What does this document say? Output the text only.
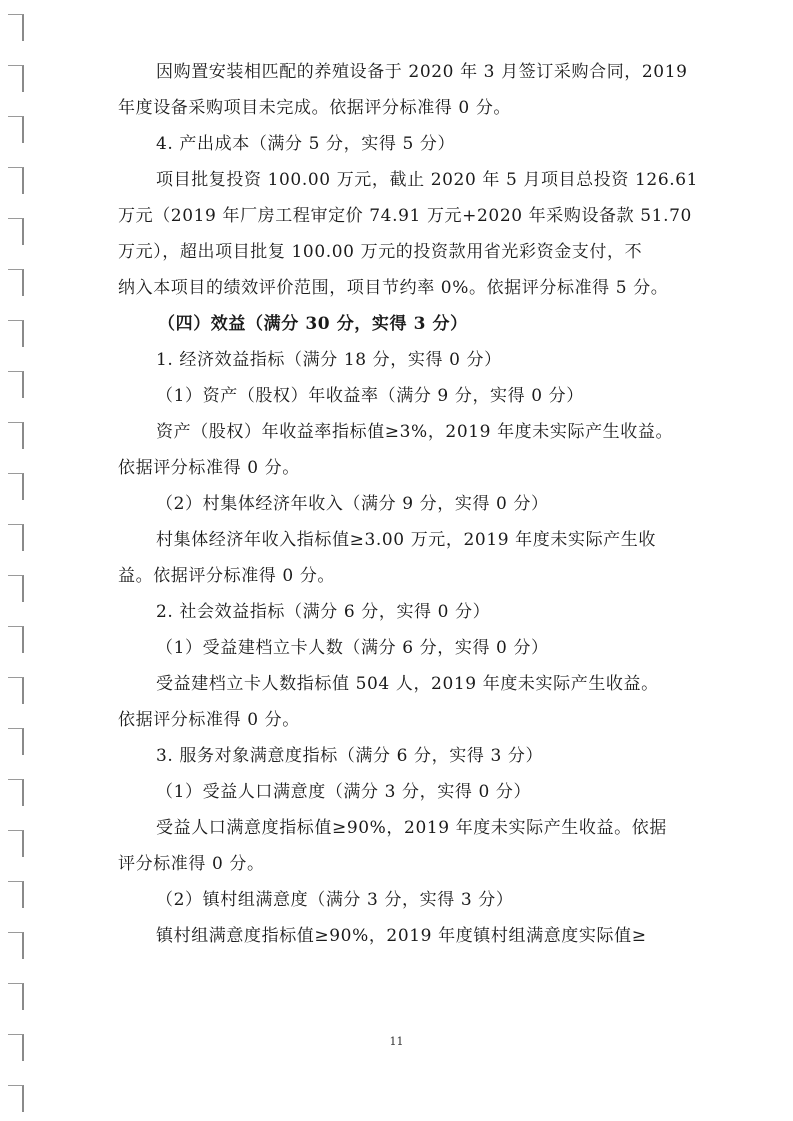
因购置安装相匹配的养殖设备于 2020 年 3 月签订采购合同，2019
年度设备采购项目未完成。依据评分标准得 0 分。
4. 产出成本（满分 5 分，实得 5 分）
项目批复投资 100.00 万元，截止 2020 年 5 月项目总投资 126.61
万元（2019 年厂房工程审定价 74.91 万元+2020 年采购设备款 51.70
万元），超出项目批复 100.00 万元的投资款用省光彩资金支付，不
纳入本项目的绩效评价范围，项目节约率 0%。依据评分标准得 5 分。
（四）效益（满分 30 分，实得 3 分）
1. 经济效益指标（满分 18 分，实得 0 分）
（1）资产（股权）年收益率（满分 9 分，实得 0 分）
资产（股权）年收益率指标值≥3%，2019 年度未实际产生收益。
依据评分标准得 0 分。
（2）村集体经济年收入（满分 9 分，实得 0 分）
村集体经济年收入指标值≥3.00 万元，2019 年度未实际产生收
益。依据评分标准得 0 分。
2. 社会效益指标（满分 6 分，实得 0 分）
（1）受益建档立卡人数（满分 6 分，实得 0 分）
受益建档立卡人数指标值 504 人，2019 年度未实际产生收益。
依据评分标准得 0 分。
3. 服务对象满意度指标（满分 6 分，实得 3 分）
（1）受益人口满意度（满分 3 分，实得 0 分）
受益人口满意度指标值≥90%，2019 年度未实际产生收益。依据
评分标准得 0 分。
（2）镇村组满意度（满分 3 分，实得 3 分）
镇村组满意度指标值≥90%，2019 年度镇村组满意度实际值≥
11
